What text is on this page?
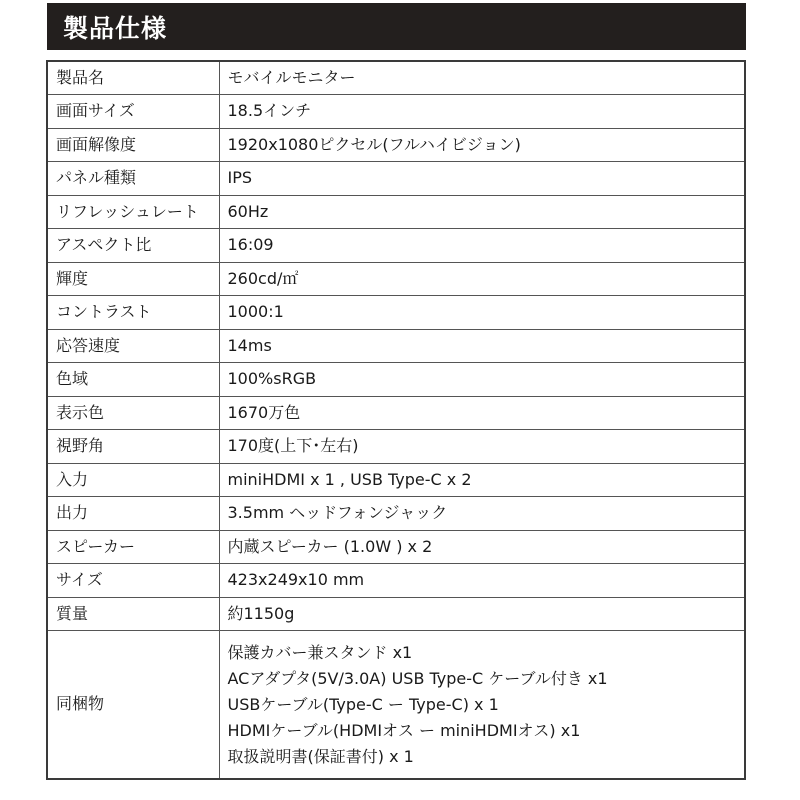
製品仕様
製品名	モバイルモニター
画面サイズ	18.5インチ
画面解像度	1920x1080ピクセル(フルハイビジョン)
パネル種類	IPS
リフレッシュレート	60Hz
アスペクト比	16:09
輝度	260cd/㎡
コントラスト	1000:1
応答速度	14ms
色域	100%sRGB
表示色	1670万色
視野角	170度(上下･左右)
入力	miniHDMI x 1 , USB Type-C x 2
出力	3.5mm ヘッドフォンジャック
スピーカー	内蔵スピーカー (1.0W ) x 2
サイズ	423x249x10 mm
質量	約1150g
同梱物	保護カバー兼スタンド x1
ACアダプタ(5V/3.0A) USB Type-C ケーブル付き x1
USBケーブル(Type-C ー Type-C) x 1
HDMIケーブル(HDMIオス ー miniHDMIオス) x1
取扱説明書(保証書付) x 1
